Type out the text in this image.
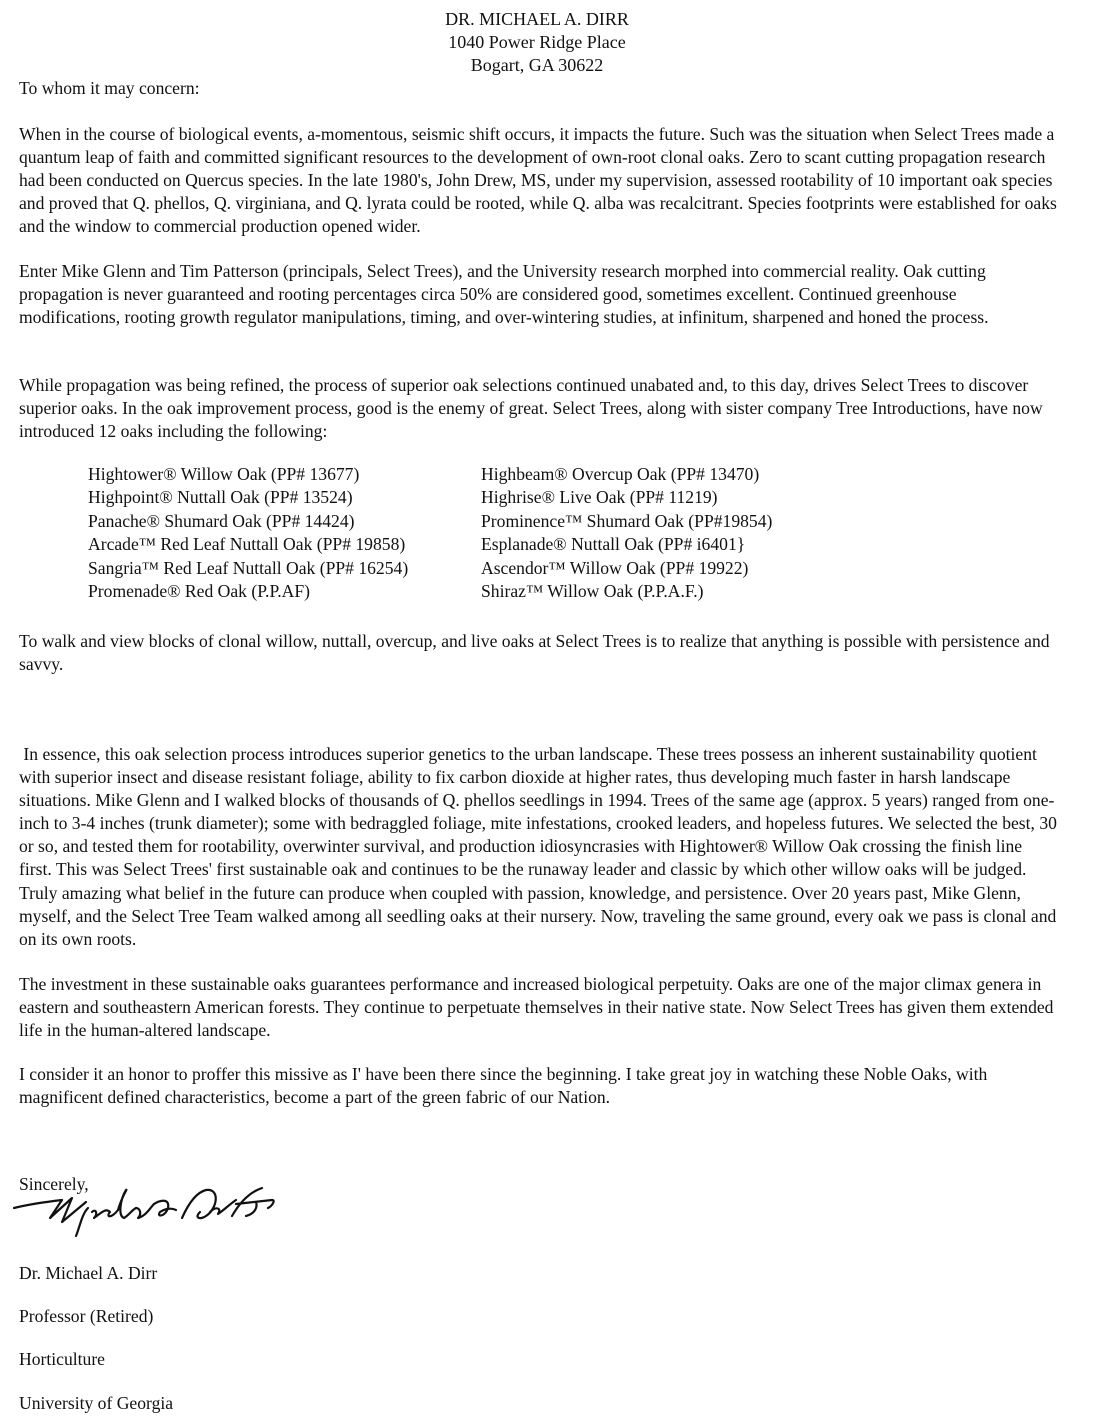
DR. MICHAEL A. DIRR
1040 Power Ridge Place
Bogart, GA 30622
To whom it may concern:

When in the course of biological events, a-momentous, seismic shift occurs, it impacts the future. Such was the situation when Select Trees made a quantum leap of faith and committed significant resources to the development of own-root clonal oaks. Zero to scant cutting propagation research had been conducted on Quercus species. In the late 1980's, John Drew, MS, under my supervision, assessed rootability of 10 important oak species and proved that Q. phellos, Q. virginiana, and Q. lyrata could be rooted, while Q. alba was recalcitrant. Species footprints were established for oaks and the window to commercial production opened wider.

Enter Mike Glenn and Tim Patterson (principals, Select Trees), and the University research morphed into commercial reality. Oak cutting propagation is never guaranteed and rooting percentages circa 50% are considered good, sometimes excellent. Continued greenhouse modifications, rooting growth regulator manipulations, timing, and over-wintering studies, at infinitum, sharpened and honed the process.

While propagation was being refined, the process of superior oak selections continued unabated and, to this day, drives Select Trees to discover superior oaks. In the oak improvement process, good is the enemy of great. Select Trees, along with sister company Tree Introductions, have now introduced 12 oaks including the following:

Hightower® Willow Oak (PP# 13677)	Highbeam® Overcup Oak (PP# 13470)
Highpoint® Nuttall Oak (PP# 13524)	Highrise® Live Oak (PP# 11219)
Panache® Shumard Oak (PP# 14424)	Prominence™ Shumard Oak (PP#19854)
Arcade™ Red Leaf Nuttall Oak (PP# 19858)	Esplanade® Nuttall Oak (PP# i6401}
Sangria™ Red Leaf Nuttall Oak (PP# 16254)	Ascendor™ Willow Oak (PP# 19922)
Promenade® Red Oak (P.P.AF)	Shiraz™ Willow Oak (P.P.A.F.)

To walk and view blocks of clonal willow, nuttall, overcup, and live oaks at Select Trees is to realize that anything is possible with persistence and savvy.

In essence, this oak selection process introduces superior genetics to the urban landscape. These trees possess an inherent sustainability quotient with superior insect and disease resistant foliage, ability to fix carbon dioxide at higher rates, thus developing much faster in harsh landscape situations. Mike Glenn and I walked blocks of thousands of Q. phellos seedlings in 1994. Trees of the same age (approx. 5 years) ranged from one-inch to 3-4 inches (trunk diameter); some with bedraggled foliage, mite infestations, crooked leaders, and hopeless futures. We selected the best, 30 or so, and tested them for rootability, overwinter survival, and production idiosyncrasies with Hightower® Willow Oak crossing the finish line first. This was Select Trees' first sustainable oak and continues to be the runaway leader and classic by which other willow oaks will be judged.

Truly amazing what belief in the future can produce when coupled with passion, knowledge, and persistence. Over 20 years past, Mike Glenn, myself, and the Select Tree Team walked among all seedling oaks at their nursery. Now, traveling the same ground, every oak we pass is clonal and on its own roots.

The investment in these sustainable oaks guarantees performance and increased biological perpetuity. Oaks are one of the major climax genera in eastern and southeastern American forests. They continue to perpetuate themselves in their native state. Now Select Trees has given them extended life in the human-altered landscape.

I consider it an honor to proffer this missive as I' have been there since the beginning. I take great joy in watching these Noble Oaks, with magnificent defined characteristics, become a part of the green fabric of our Nation.

Sincerely,
Dr. Michael A. Dirr
Professor (Retired)
Horticulture
University of Georgia
